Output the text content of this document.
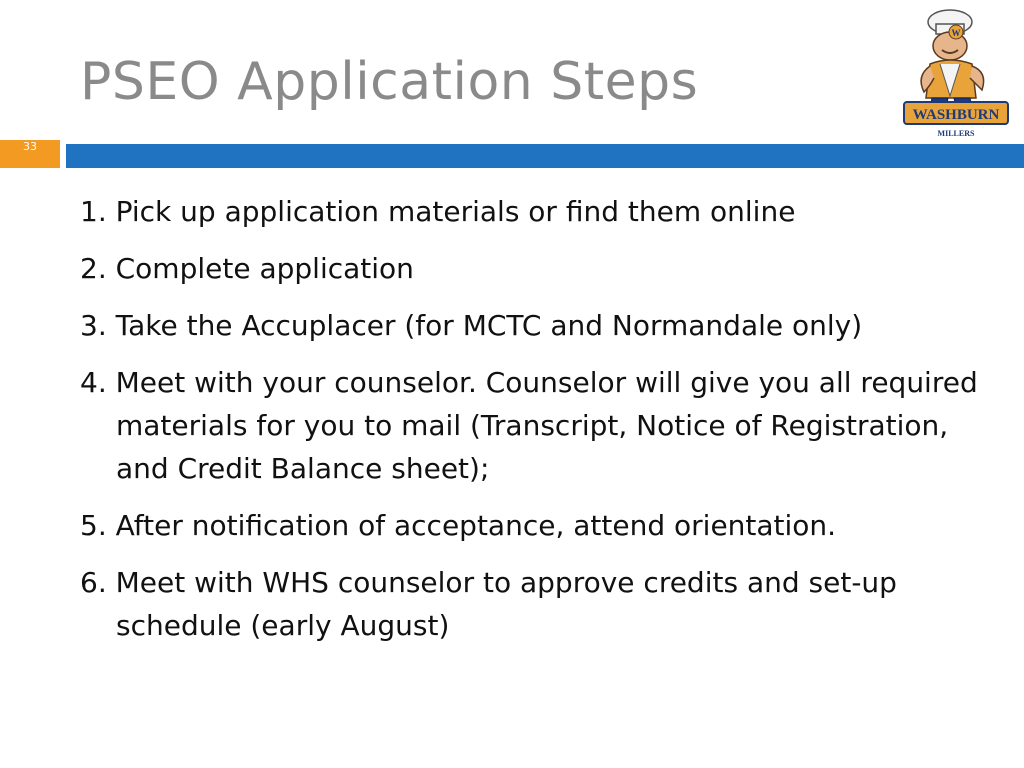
PSEO Application Steps
33
1. Pick up application materials or find them online
2. Complete application
3. Take the Accuplacer (for MCTC and Normandale only)
4. Meet with your counselor. Counselor will give you all required materials for you to mail (Transcript, Notice of Registration, and Credit Balance sheet);
5. After notification of acceptance, attend orientation.
6. Meet with WHS counselor to approve credits and set-up schedule (early August)
W
WASHBURN
MILLERS
